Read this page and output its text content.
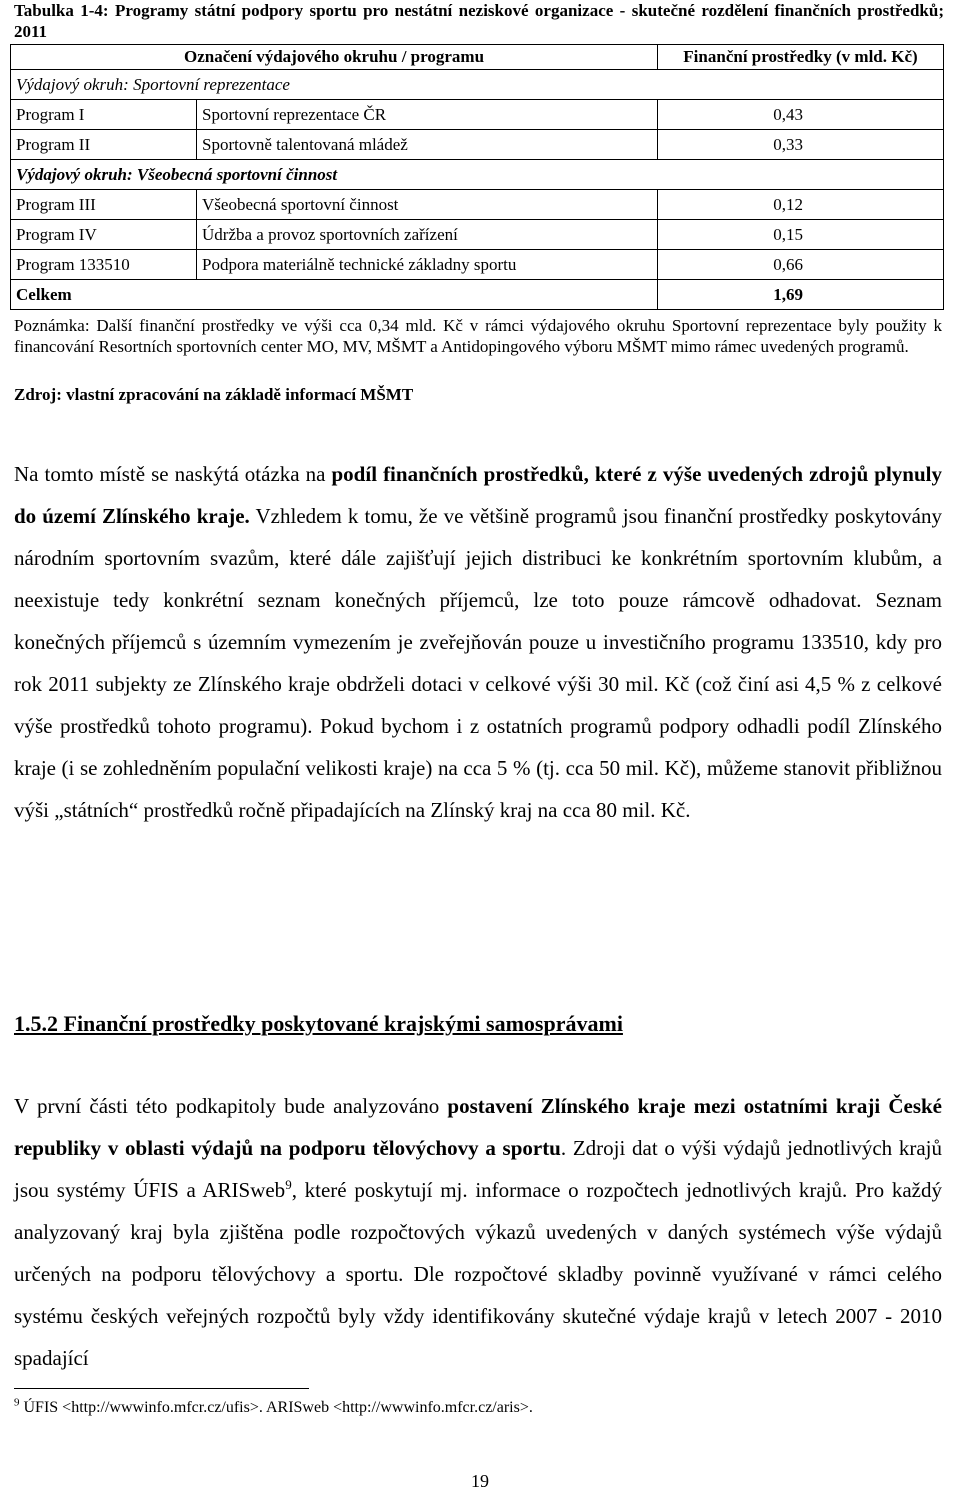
Tabulka 1-4: Programy státní podpory sportu pro nestátní neziskové organizace - skutečné rozdělení finančních prostředků; 2011
Označení výdajového okruhu / programu		Finanční prostředky (v mld. Kč)
Výdajový okruh: Sportovní reprezentace		
Program I	Sportovní reprezentace ČR	0,43
Program II	Sportovně talentovaná mládež	0,33
Výdajový okruh: Všeobecná sportovní činnost		
Program III	Všeobecná sportovní činnost	0,12
Program IV	Údržba a provoz sportovních zařízení	0,15
Program 133510	Podpora materiálně technické základny sportu	0,66
Celkem		1,69
Poznámka: Další finanční prostředky ve výši cca 0,34 mld. Kč v rámci výdajového okruhu Sportovní reprezentace byly použity k financování Resortních sportovních center MO, MV, MŠMT a Antidopingového výboru MŠMT mimo rámec uvedených programů.
Zdroj: vlastní zpracování na základě informací MŠMT
Na tomto místě se naskýtá otázka na podíl finančních prostředků, které z výše uvedených zdrojů plynuly do území Zlínského kraje. Vzhledem k tomu, že ve většině programů jsou finanční prostředky poskytovány národním sportovním svazům, které dále zajišťují jejich distribuci ke konkrétním sportovním klubům, a neexistuje tedy konkrétní seznam konečných příjemců, lze toto pouze rámcově odhadovat. Seznam konečných příjemců s územním vymezením je zveřejňován pouze u investičního programu 133510, kdy pro rok 2011 subjekty ze Zlínského kraje obdrželi dotaci v celkové výši 30 mil. Kč (což činí asi 4,5 % z celkové výše prostředků tohoto programu). Pokud bychom i z ostatních programů podpory odhadli podíl Zlínského kraje (i se zohledněním populační velikosti kraje) na cca 5 % (tj. cca 50 mil. Kč), můžeme stanovit přibližnou výši „státních“ prostředků ročně připadajících na Zlínský kraj na cca 80 mil. Kč.
1.5.2 Finanční prostředky poskytované krajskými samosprávami
V první části této podkapitoly bude analyzováno postavení Zlínského kraje mezi ostatními kraji České republiky v oblasti výdajů na podporu tělovýchovy a sportu. Zdroji dat o výši výdajů jednotlivých krajů jsou systémy ÚFIS a ARISweb$^9$, které poskytují mj. informace o rozpočtech jednotlivých krajů. Pro každý analyzovaný kraj byla zjištěna podle rozpočtových výkazů uvedených v daných systémech výše výdajů určených na podporu tělovýchovy a sportu. Dle rozpočtové skladby povinně využívané v rámci celého systému českých veřejných rozpočtů byly vždy identifikovány skutečné výdaje krajů v letech 2007 - 2010 spadající
$^9$ ÚFIS <http://wwwinfo.mfcr.cz/ufis>. ARISweb <http://wwwinfo.mfcr.cz/aris>.
19
